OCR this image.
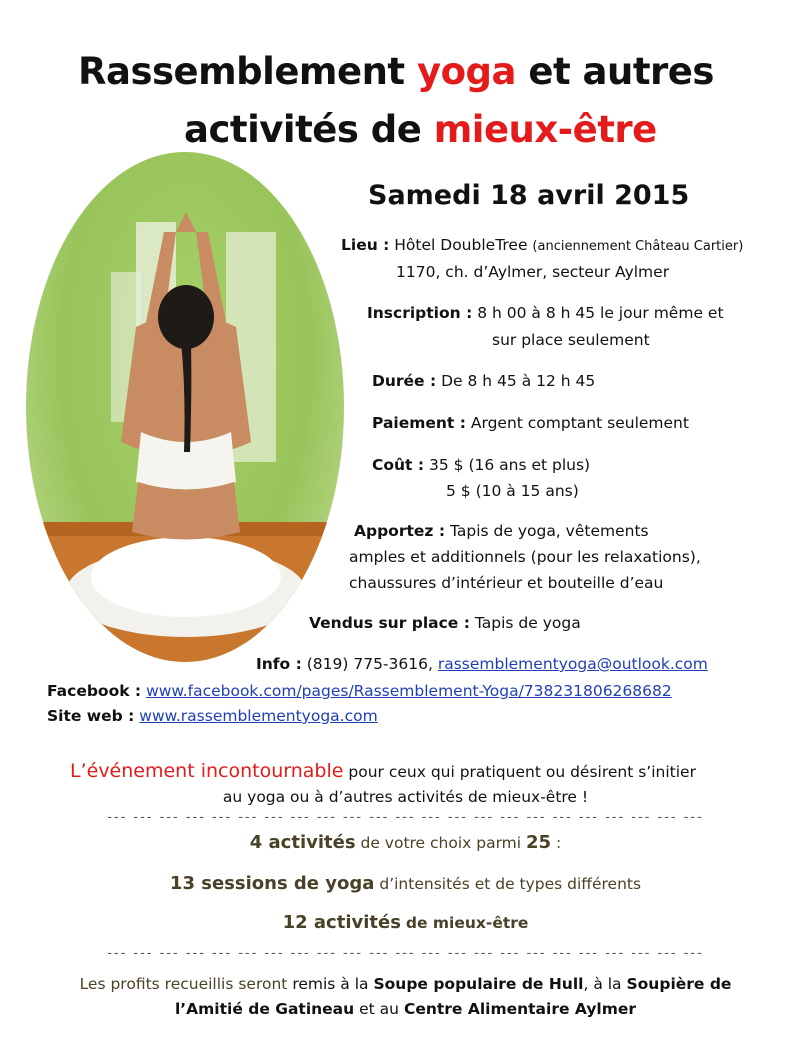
Rassemblement yoga et autres
activités de mieux-être
Samedi 18 avril 2015
Lieu : Hôtel DoubleTree (anciennement Château Cartier)
1170, ch. d’Aylmer, secteur Aylmer
Inscription : 8 h 00 à 8 h 45 le jour même et
sur place seulement
Durée : De 8 h 45 à 12 h 45
Paiement : Argent comptant seulement
Coût : 35 $ (16 ans et plus)
5 $ (10 à 15 ans)
Apportez : Tapis de yoga, vêtements
amples et additionnels (pour les relaxations),
chaussures d’intérieur et bouteille d’eau
Vendus sur place : Tapis de yoga
Info : (819) 775-3616, rassemblementyoga@outlook.com
Facebook : www.facebook.com/pages/Rassemblement-Yoga/738231806268682
Site web : www.rassemblementyoga.com
L’événement incontournable pour ceux qui pratiquent ou désirent s’initier
au yoga ou à d’autres activités de mieux-être !
--- --- --- --- --- --- --- --- --- --- --- --- --- --- --- --- --- --- --- --- --- --- ---
4 activités de votre choix parmi 25 :
13 sessions de yoga d’intensités et de types différents
12 activités de mieux-être
--- --- --- --- --- --- --- --- --- --- --- --- --- --- --- --- --- --- --- --- --- --- ---
Les profits recueillis seront remis à la Soupe populaire de Hull, à la Soupière de
l’Amitié de Gatineau et au Centre Alimentaire Aylmer
